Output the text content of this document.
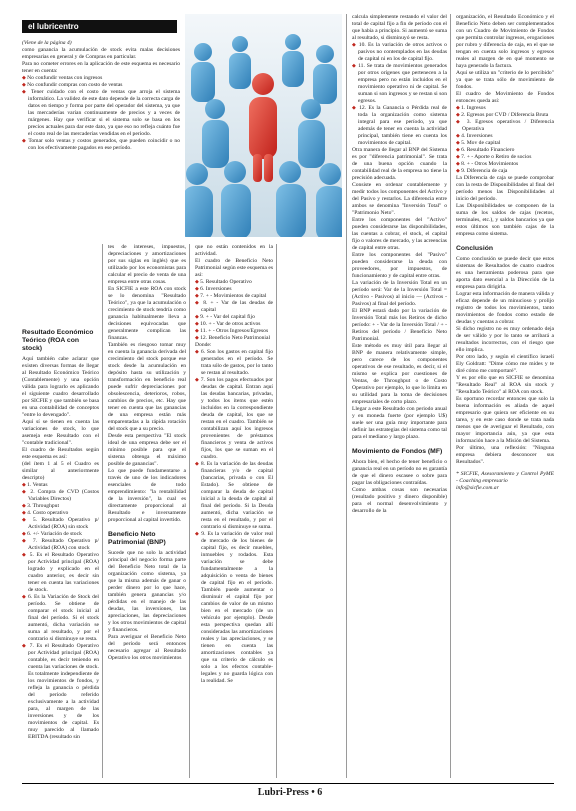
el lubricentro

(Viene de la página 4)

como ganancia la acumulación de stock evita malas decisiones empresarias en general y de Compras en particular.

Para no cometer errores en la aplicación de este esquema es necesario tener en cuenta:

◆ No confundir ventas con ingresos

◆ No confundir compras con costo de ventas

◆ Tener cuidado con el costo de ventas que arroja el sistema informático. La validez de este dato depende de la correcta carga de datos en tiempo y forma por parte del operador del sistema, ya que las mercaderías varían continuamente de precios y a veces de márgenes. Hay que verificar si el sistema solo se basa en los precios actuales para dar este dato, ya que eso no refleja cuánto fue el costo real de las mercaderías vendidas en el período.

◆ Tomar solo ventas y costos generados, que pueden coincidir o no con los efectivamente pagados en ese período.

Resultado Económico Teórico (ROA con stock)

Aquí también cabe aclarar que existen diversas formas de llegar al Resultado Económico Teórico (Contablemente) y una opción válida para lograrlo es aplicando el siguiente cuadro desarrollado por SICFIE y que también se basa en una contabilidad de conceptos "entre lo devengado".

Aquí sí se tienen en cuenta las variaciones de stock, lo que asemeja este Resultado con el "contable tradicional".

El cuadro de Resultados según este esquema es así:

(del ítem 1 al 5 el Cuadro es similar al anteriormente descripto)

◆ 1. Ventas

◆ 2. Compra de CVD (Costos Variables Directos)

◆ 3. Throughput

◆ 4. Costo operativo

◆ 5. Resultado Operativo p/ Actividad (ROA) sin stock

◆ 6. +/- Variación de stock

◆ 7. Resultado Operativo p/ Actividad (ROA) con stock

◆ 5. Es el Resultado Operativo por Actividad principal (ROA) logrado y explicado en el cuadro anterior, es decir sin tener en cuenta las variaciones de stock.

◆ 6. Es la Variación de Stock del período. Se obtiene de comparar el stock inicial al final del período. Si el stock aumentó, dicha variación se suma al resultado, y por el contrario si disminuye se resta.

◆ 7. Es el Resultado Operativo por Actividad principal (ROA) contable, es decir teniendo en cuenta las variaciones de stock. Es totalmente independiente de los movimientos de fondos, y refleja la ganancia o pérdida del período referido exclusivamente a la actividad para, al margen de las inversiones y de los movimientos de capital. Es muy parecido al llamado EBITDA (resultado sin

tes de intereses, impuestos, depreciaciones y amortizaciones por sus siglas en inglés) que es utilizado por los economistas para calcular el precio de venta de una empresa entre otras cosas.

En SICFIE a este ROA con stock se lo denomina "Resultado Teórico", ya que la acumulación o crecimiento de stock tendría como ganancia habitualmente lleva a decisiones equivocadas que generalmente complican las finanzas.

También es riesgoso tomar muy en cuenta la ganancia derivada del crecimiento del stock porque ese stock desde la acumulación en depósito hasta su utilización y transformación en beneficio real puede sufrir depreciaciones por obsolescencia, deterioros, robos, cambios de precios, etc. Hay que tener en cuenta que las ganancias de una empresa están más emparentadas a la rápida rotación del stock que a su precio.

Desde esta perspectiva "El stock ideal de una empresa debe ser el mínimo posible para que el sistema obtenga el máximo posible de ganancias".

Lo que puede fundamentarse a través de uno de los indicadores esenciales de todo emprendimiento: "la rentabilidad de la inversión", la cual es directamente proporcional al Resultado e inversamente proporcional al capital invertido.

Beneficio Neto Patrimonial (BNP)

Sucede que no solo la actividad principal del negocio forma parte del Beneficio Neto total de la organización como sistema, ya que la misma además de ganar o perder dinero por lo que hace, también genera ganancias y/o pérdidas en el manejo de las deudas, las inversiones, las apreciaciones, las depreciaciones y los otros movimientos de capital y financieros.

Para averiguar el Beneficio Neto del período será entonces necesario agregar al Resultado Operativo los otros movimientos

que no están contenidos en la actividad.

El cuadro de Beneficio Neto Patrimonial según este esquema es así:

◆ 5. Resultado Operativo

◆ 6. Inversiones

◆ 7. + - Movimientos de capital

◆ 8. + - Var de las deudas de capital

◆ 9. + - Var del capital fijo

◆ 10. + - Var de otros activos

◆ 11. + - Otros Ingresos/Egresos

◆ 12. Beneficio Neto Patrimonial

Donde:

◆ 6. Son los gastos en capital fijo generados en el período. Se trata sólo de gastos, por lo tanto se restan al resultado.

◆ 7. Son los pagos efectuados por deudas de capital. Entran aquí las deudas bancarias, privadas, y todos los ítems que estén incluidos en la correspondiente deuda de capital, los que se restan en el cuadro. También se contabilizan aquí los ingresos provenientes de préstamos financieros y venta de activos fijos, los que se suman en el cuadro.

◆ 8. Es la variación de las deudas financieras y/o de capital (bancarias, privada o con El Estado). Se obtiene de comparar la deuda de capital inicial a la deuda de capital al final del período. Si la Deuda aumentó, dicha variación se resta en el resultado, y por el contrario si disminuye se suma.

◆ 9. Es la variación de valor real de mercado de los bienes de capital fijo, es decir muebles, inmuebles y rodados. Esta variación se debe fundamentalmente a la adquisición o venta de bienes de capital fijo en el período. También puede aumentar o disminuir el capital fijo por cambios de valor de un mismo bien en el mercado (de un vehículo por ejemplo). Desde esta perspectiva quedan allí consideradas las amortizaciones reales y las apreciaciones, y se tienen en cuenta las amortizaciones contables ya que su criterio de cálculo es solo a los efectos contable-legales y no guarda lógica con la realidad. Se

calcula simplemente restando el valor del total de capital fijo a fin de período con el que había a principio. Si aumentó se suma al resultado, si disminuyó se resta.

◆ 10. Es la variación de otros activos o pasivos no contemplados en las deudas de capital ni en los de capital fijo.

◆ 11. Se trata de movimientos generados por otros orígenes que pertenecen a la empresa pero no están incluidos en el movimiento operativo ni de capital. Se suman si son ingresos y se restan si son egresos.

◆ 12. Es la Ganancia o Pérdida real de toda la organización como sistema integral para ese período, ya que además de tener en cuenta la actividad principal, también tiene en cuenta los movimientos de capital.

Otra manera de llegar al BNP del Sistema es por "diferencia patrimonial". Se trata de una buena opción cuando la contabilidad real de la empresa no tiene la precisión adecuada.

Consiste en ordenar contablemente y medir todos los componentes del Activo y del Pasivo y restarlos. La diferencia entre ambos se denomina "Inversión Total" o "Patrimonio Neto".

Entre los componentes del "Activo" pueden considerarse las disponibilidades, las cuentas a cobrar, el stock, el capital fijo o valores de mercado, y las acreencias de capital entre otras.

Entre los componentes del "Pasivo" pueden considerarse la deuda con proveedores, por impuestos, de funcionamiento y de capital entre otras.

La variación de la Inversión Total en un período será: Var de la Inversión Total = (Activo - Pasivos) al inicio — (Activos - Pasivos) al final del período.

El BNP estará dado por la variación de Inversión Total más los Retiros de dicho período: + - Var de la Inversión Total / + - Retiros del período / Beneficio Neto Patrimonial.

Este método es muy útil para llegar al BNP de manera relativamente simple, pero carece de los componentes operativos de ese resultado, es decir, si el mismo se explica por cuestiones de Ventas, de Throughput o de Costo Operativo por ejemplo, lo que lo limita en su utilidad para la toma de decisiones empresariales de corto plazo.

Llegar a este Resultado con periodo anual y en moneda fuerte (por ejemplo U$) suele ser una guía muy importante para definir las estrategias del sistema como tal para el mediano y largo plazo.

Movimiento de Fondos (MF)

Ahora bien, el hecho de tener beneficio o ganancia real en un período no es garantía de que el dinero escasee o sobre para pagar las obligaciones contraídas.

Como ambas cosas son necesarias (resultado positivo y dinero disponible) para el normal desenvolvimiento y desarrollo de la

organización, el Resultado Económico y el Beneficio Neto deben ser complementados con un Cuadro de Movimiento de Fondos que permita controlar ingresos, erogaciones por rubro y diferencia de caja, en el que se tengan en cuenta solo ingresos y egresos reales al margen de en qué momento se haya generado la factura.

Aquí se utiliza un "criterio de lo percibido" ya que se trata sólo de movimiento de fondos.

El cuadro de Movimiento de Fondos entonces queda así:

◆ 1. Ingresos

◆ 2. Egresos por CVD / Diferencia Bruta

◆ 3. Egresos operativos / Diferencia Operativa

◆ 4. Inversiones

◆ 5. Mov de capital

◆ 6. Resultado Financiero

◆ 7. + - Aporte o Retiro de socios

◆ 8. + - Otros Movimientos

◆ 9. Diferencia de caja

La Diferencia de caja se puede comprobar con la resta de Disponibilidades al final del período menos las Disponibilidades al inicio del período.

Las Disponibilidades se componen de la suma de los saldos de cajas (recetos, terminales, etc.), y saldos bancarios ya que estos últimos son también cajas de la empresa como sistema.

Conclusión

Como conclusión se puede decir que estos sistemas de Resultados de cuatro cuadros es una herramienta poderosa para que aporta dato esencial a la Dirección de la empresa para dirigirla.

Lograr esta información de manera válida y eficaz depende de un minucioso y prolijo registro de todos los movimientos, tanto movimientos de fondos como estado de deudas y cuentas a cobrar.

Si dicho registro no es muy ordenado deja de ser válido y por lo tanto se arribará a resultados incorrectos, con el riesgo que ello implica.

Por otro lado, y según el científico israelí Ely Goldratt: "Dime cómo me mides y te diré cómo me comportaré".

Y es por ello que en SICFIE se denomina "Resultado Real" al ROA sin stock y "Resultado Teórico" al ROA con stock.

Es oportuno recordar entonces que solo la buena información es aliada de aquel empresario que quiera ser eficiente en su tarea, y en este caso donde se trata nada menos que de averiguar el Resultado, con mayor importancia aún, ya que esta información hace a la Misión del Sistema.

Por último, una reflexión: "Ninguna empresa debiera desconocer sus Resultados".

* SICFIE, Asesoramiento y Control PyME - Coaching empresario

info@sicfie.com.ar

Lubri-Press • 6
